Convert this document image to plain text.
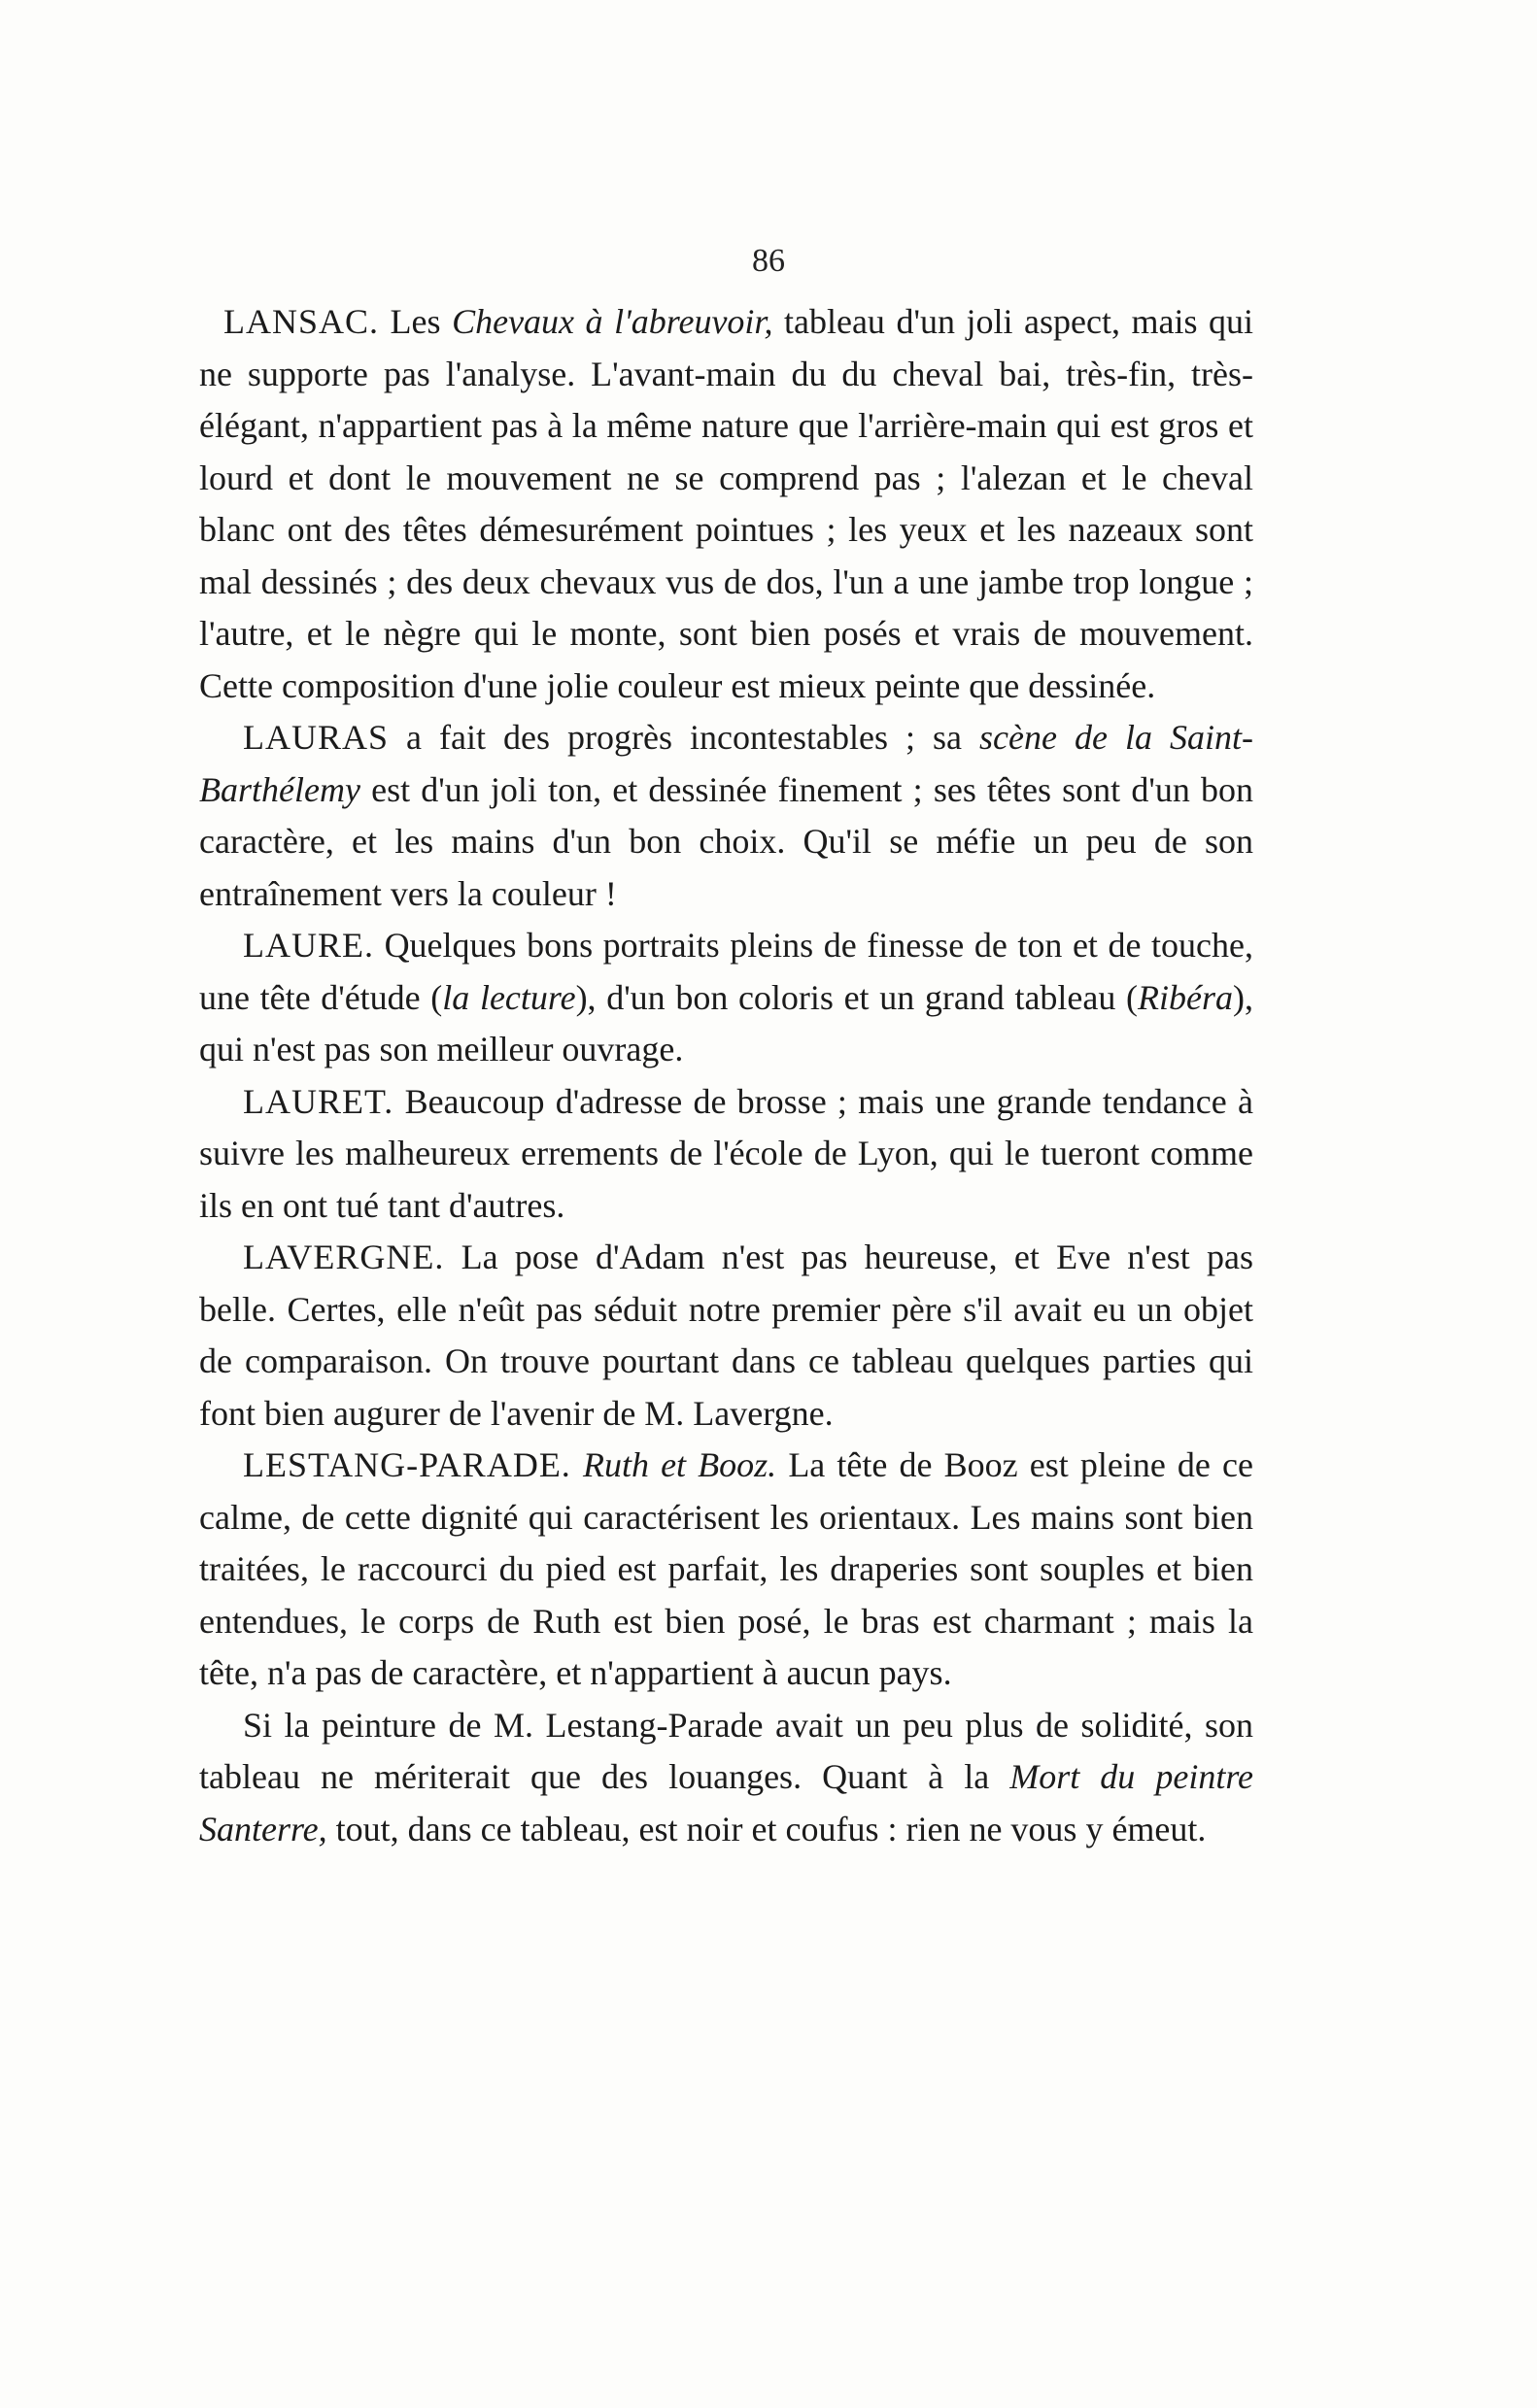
86

LANSAC. Les Chevaux à l'abreuvoir, tableau d'un joli aspect, mais qui ne supporte pas l'analyse. L'avant-main du du cheval bai, très-fin, très-élégant, n'appartient pas à la même nature que l'arrière-main qui est gros et lourd et dont le mouvement ne se comprend pas ; l'alezan et le cheval blanc ont des têtes démesurément pointues ; les yeux et les nazeaux sont mal dessinés ; des deux chevaux vus de dos, l'un a une jambe trop longue ; l'autre, et le nègre qui le monte, sont bien posés et vrais de mouvement. Cette composition d'une jolie couleur est mieux peinte que dessinée.

LAURAS a fait des progrès incontestables ; sa scène de la Saint-Barthélemy est d'un joli ton, et dessinée finement ; ses têtes sont d'un bon caractère, et les mains d'un bon choix. Qu'il se méfie un peu de son entraînement vers la couleur !

LAURE. Quelques bons portraits pleins de finesse de ton et de touche, une tête d'étude (la lecture), d'un bon coloris et un grand tableau (Ribéra), qui n'est pas son meilleur ouvrage.

LAURET. Beaucoup d'adresse de brosse ; mais une grande tendance à suivre les malheureux errements de l'école de Lyon, qui le tueront comme ils en ont tué tant d'autres.

LAVERGNE. La pose d'Adam n'est pas heureuse, et Eve n'est pas belle. Certes, elle n'eût pas séduit notre premier père s'il avait eu un objet de comparaison. On trouve pourtant dans ce tableau quelques parties qui font bien augurer de l'avenir de M. Lavergne.

LESTANG-PARADE. Ruth et Booz. La tête de Booz est pleine de ce calme, de cette dignité qui caractérisent les orientaux. Les mains sont bien traitées, le raccourci du pied est parfait, les draperies sont souples et bien entendues, le corps de Ruth est bien posé, le bras est charmant ; mais la tête, n'a pas de caractère, et n'appartient à aucun pays.

Si la peinture de M. Lestang-Parade avait un peu plus de solidité, son tableau ne mériterait que des louanges. Quant à la Mort du peintre Santerre, tout, dans ce tableau, est noir et coufus : rien ne vous y émeut.
